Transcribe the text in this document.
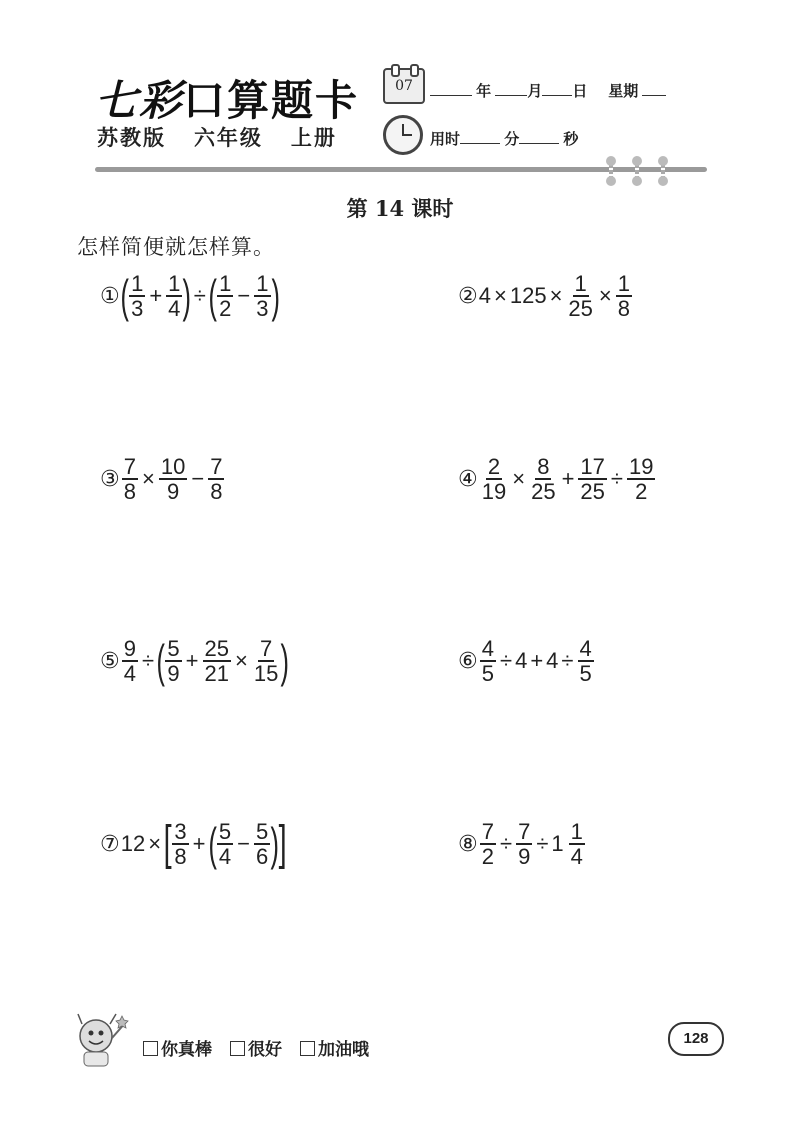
七彩口算题卡
苏教版 六年级 上册
07	年 月 日 星期
用时	分	秒
第 14 课时
怎样简便就怎样算。
① ( $\frac{1}{3} + \frac{1}{4}$ ) ÷ ( $\frac{1}{2} - \frac{1}{3}$ )	② $4 \times 125 \times \frac{1}{25} \times \frac{1}{8}$
③ $\frac{7}{8} \times \frac{10}{9} - \frac{7}{8}$	④ $\frac{2}{19} \times \frac{8}{25} + \frac{17}{25} \div \frac{19}{2}$
⑤ $\frac{9}{4}$ ÷ ( $\frac{5}{9} + \frac{25}{21} \times \frac{7}{15}$ )	⑥ $\frac{4}{5} \div 4 + 4 \div \frac{4}{5}$
⑦ 12 × [ $\frac{3}{8}$ + ( $\frac{5}{4} - \frac{5}{6}$ ) ]	⑧ $\frac{7}{2} \div \frac{7}{9} \div 1 \frac{1}{4}$
你真棒	很好	加油哦
128
